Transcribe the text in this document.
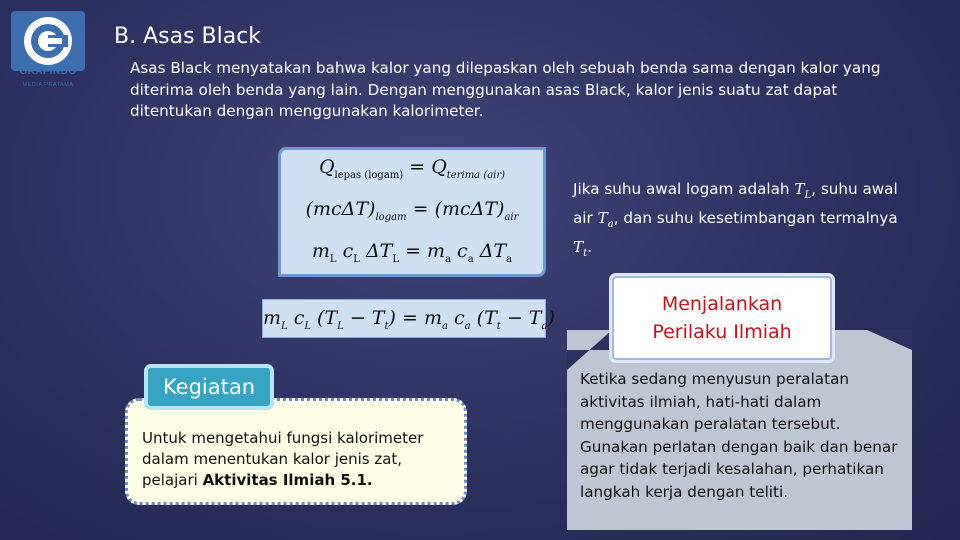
GRAFINDO
MEDIA PRATAMA
B. Asas Black

Asas Black menyatakan bahwa kalor yang dilepaskan oleh sebuah benda sama dengan kalor yang diterima oleh benda yang lain. Dengan menggunakan asas Black, kalor jenis suatu zat dapat ditentukan dengan menggunakan kalorimeter.

$Q_{lepas (logam)} = Q_{terima (air)}$
$(mc\Delta T)_{logam} = (mc\Delta T)_{air}$
$m_L$ $c_L$ $\Delta T_L = m_a$ $c_a$ $\Delta T_a$
$m_L$ $c_L$ $(T_L - T_t) = m_a$ $c_a$ $(T_t - T_a)$

Jika suhu awal logam adalah $T_L$, suhu awal air $T_a$, dan suhu kesetimbangan termalnya $T_t$.

Menjalankan
Perilaku Ilmiah

Ketika sedang menyusun peralatan aktivitas ilmiah, hati-hati dalam menggunakan peralatan tersebut. Gunakan perlatan dengan baik dan benar agar tidak terjadi kesalahan, perhatikan langkah kerja dengan teliti.

Kegiatan

Untuk mengetahui fungsi kalorimeter dalam menentukan kalor jenis zat, pelajari Aktivitas Ilmiah 5.1.
